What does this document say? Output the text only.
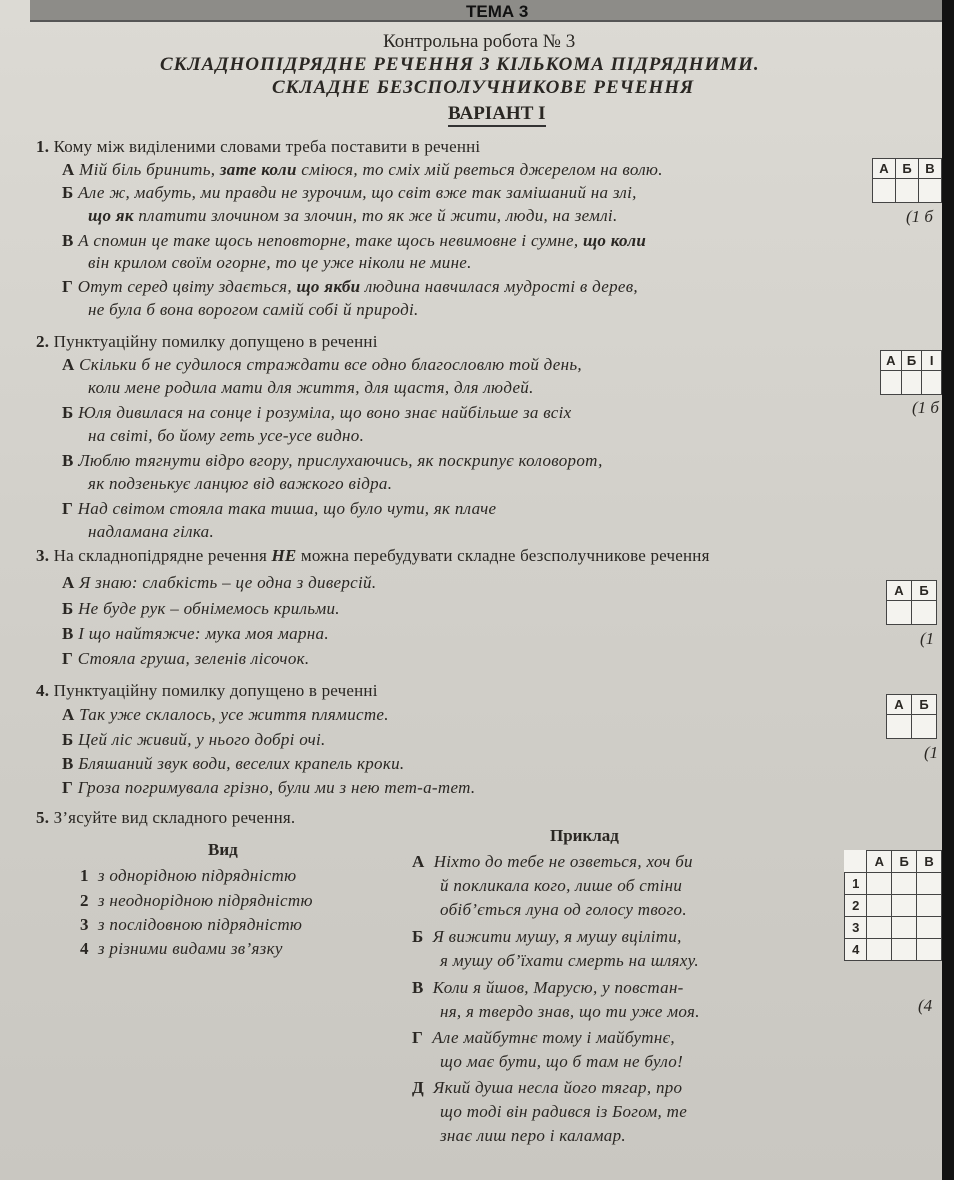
ТЕМА 3
Контрольна робота № 3
СКЛАДНОПІДРЯДНЕ РЕЧЕННЯ З КІЛЬКОМА ПІДРЯДНИМИ.
СКЛАДНЕ БЕЗСПОЛУЧНИКОВЕ РЕЧЕННЯ
ВАРІАНТ І
1. Кому між виділеними словами треба поставити в реченні
А Мій біль бринить, зате коли сміюся, то сміх мій рветься джерелом на волю.
Б Але ж, мабуть, ми правди не зурочим, що світ вже так замішаний на злі,
що як платити злочином за злочин, то як же й жити, люди, на землі.
В А спомин це таке щось неповторне, таке щось невимовне і сумне, що коли
він крилом своїм огорне, то це уже ніколи не мине.
Г Отут серед цвіту здається, що якби людина навчилася мудрості в дерев,
не була б вона ворогом самій собі й природі.
А	Б	В

(1 б
2. Пунктуаційну помилку допущено в реченні
А Скільки б не судилося страждати все одно благословлю той день,
коли мене родила мати для життя, для щастя, для людей.
Б Юля дивилася на сонце і розуміла, що воно знає найбільше за всіх
на світі, бо йому геть усе-усе видно.
В Люблю тягнути відро вгору, прислухаючись, як поскрипує коловорот,
як подзенькує ланцюг від важкого відра.
Г Над світом стояла така тиша, що було чути, як плаче
надламана гілка.
А	Б	І

(1 б
3. На складнопідрядне речення НЕ можна перебудувати складне безсполучникове речення
А Я знаю: слабкість – це одна з диверсій.
Б Не буде рук – обнімемось крильми.
В І що найтяжче: мука моя марна.
Г Стояла груша, зеленів лісочок.
А	Б

(1
4. Пунктуаційну помилку допущено в реченні
А Так уже склалось, усе життя плямисте.
Б Цей ліс живий, у нього добрі очі.
В Бляшаний звук води, веселих крапель кроки.
Г Гроза погримувала грізно, були ми з нею тет-а-тет.
А	Б

(1
5. З’ясуйте вид складного речення.
Вид
Приклад
1 з однорідною підрядністю
2 з неоднорідною підрядністю
3 з послідовною підрядністю
4 з різними видами зв’язку
А Ніхто до тебе не озветься, хоч би
й покликала кого, лише об стіни
обіб’ється луна од голосу твого.
Б Я вижити мушу, я мушу вціліти,
я мушу об’їхати смерть на шляху.
В Коли я йшов, Марусю, у повстан-
ня, я твердо знав, що ти уже моя.
Г Але майбутнє тому і майбутнє,
що має бути, що б там не було!
Д Який душа несла його тягар, про
що тоді він радився із Богом, те
знає лиш перо і каламар.
	А	Б	В
1			
2			
3			
4			
(4
